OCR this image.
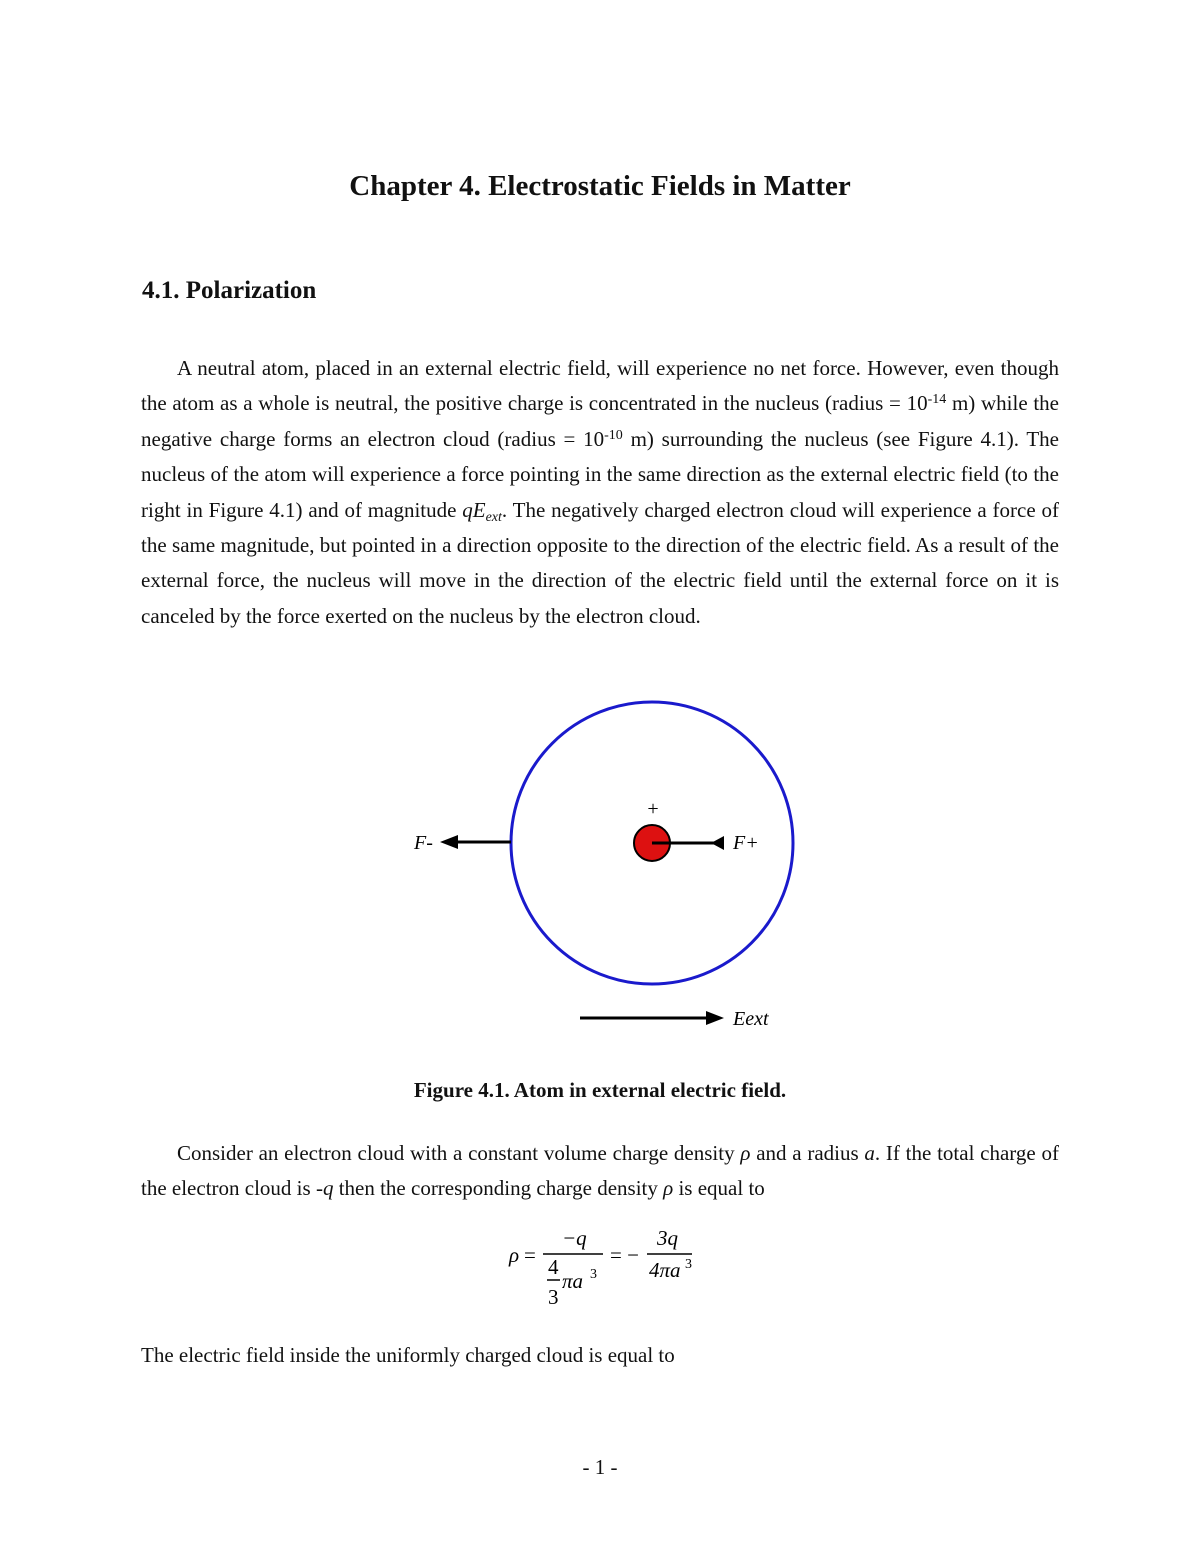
Chapter 4. Electrostatic Fields in Matter
4.1. Polarization

A neutral atom, placed in an external electric field, will experience no net force. However, even though the atom as a whole is neutral, the positive charge is concentrated in the nucleus (radius = $10^{-14}$ m) while the negative charge forms an electron cloud (radius = $10^{-10}$ m) surrounding the nucleus (see Figure 4.1). The nucleus of the atom will experience a force pointing in the same direction as the external electric field (to the right in Figure 4.1) and of magnitude $qE_{ext}$. The negatively charged electron cloud will experience a force of the same magnitude, but pointed in a direction opposite to the direction of the electric field. As a result of the external force, the nucleus will move in the direction of the electric field until the external force on it is canceled by the force exerted on the nucleus by the electron cloud.

+
F-	F+
Eext

Figure 4.1. Atom in external electric field.

Consider an electron cloud with a constant volume charge density ρ and a radius a. If the total charge of the electron cloud is -q then the corresponding charge density ρ is equal to

ρ =
−q
4
3
πa 3
= −
3q
4πa 3

The electric field inside the uniformly charged cloud is equal to

- 1 -
